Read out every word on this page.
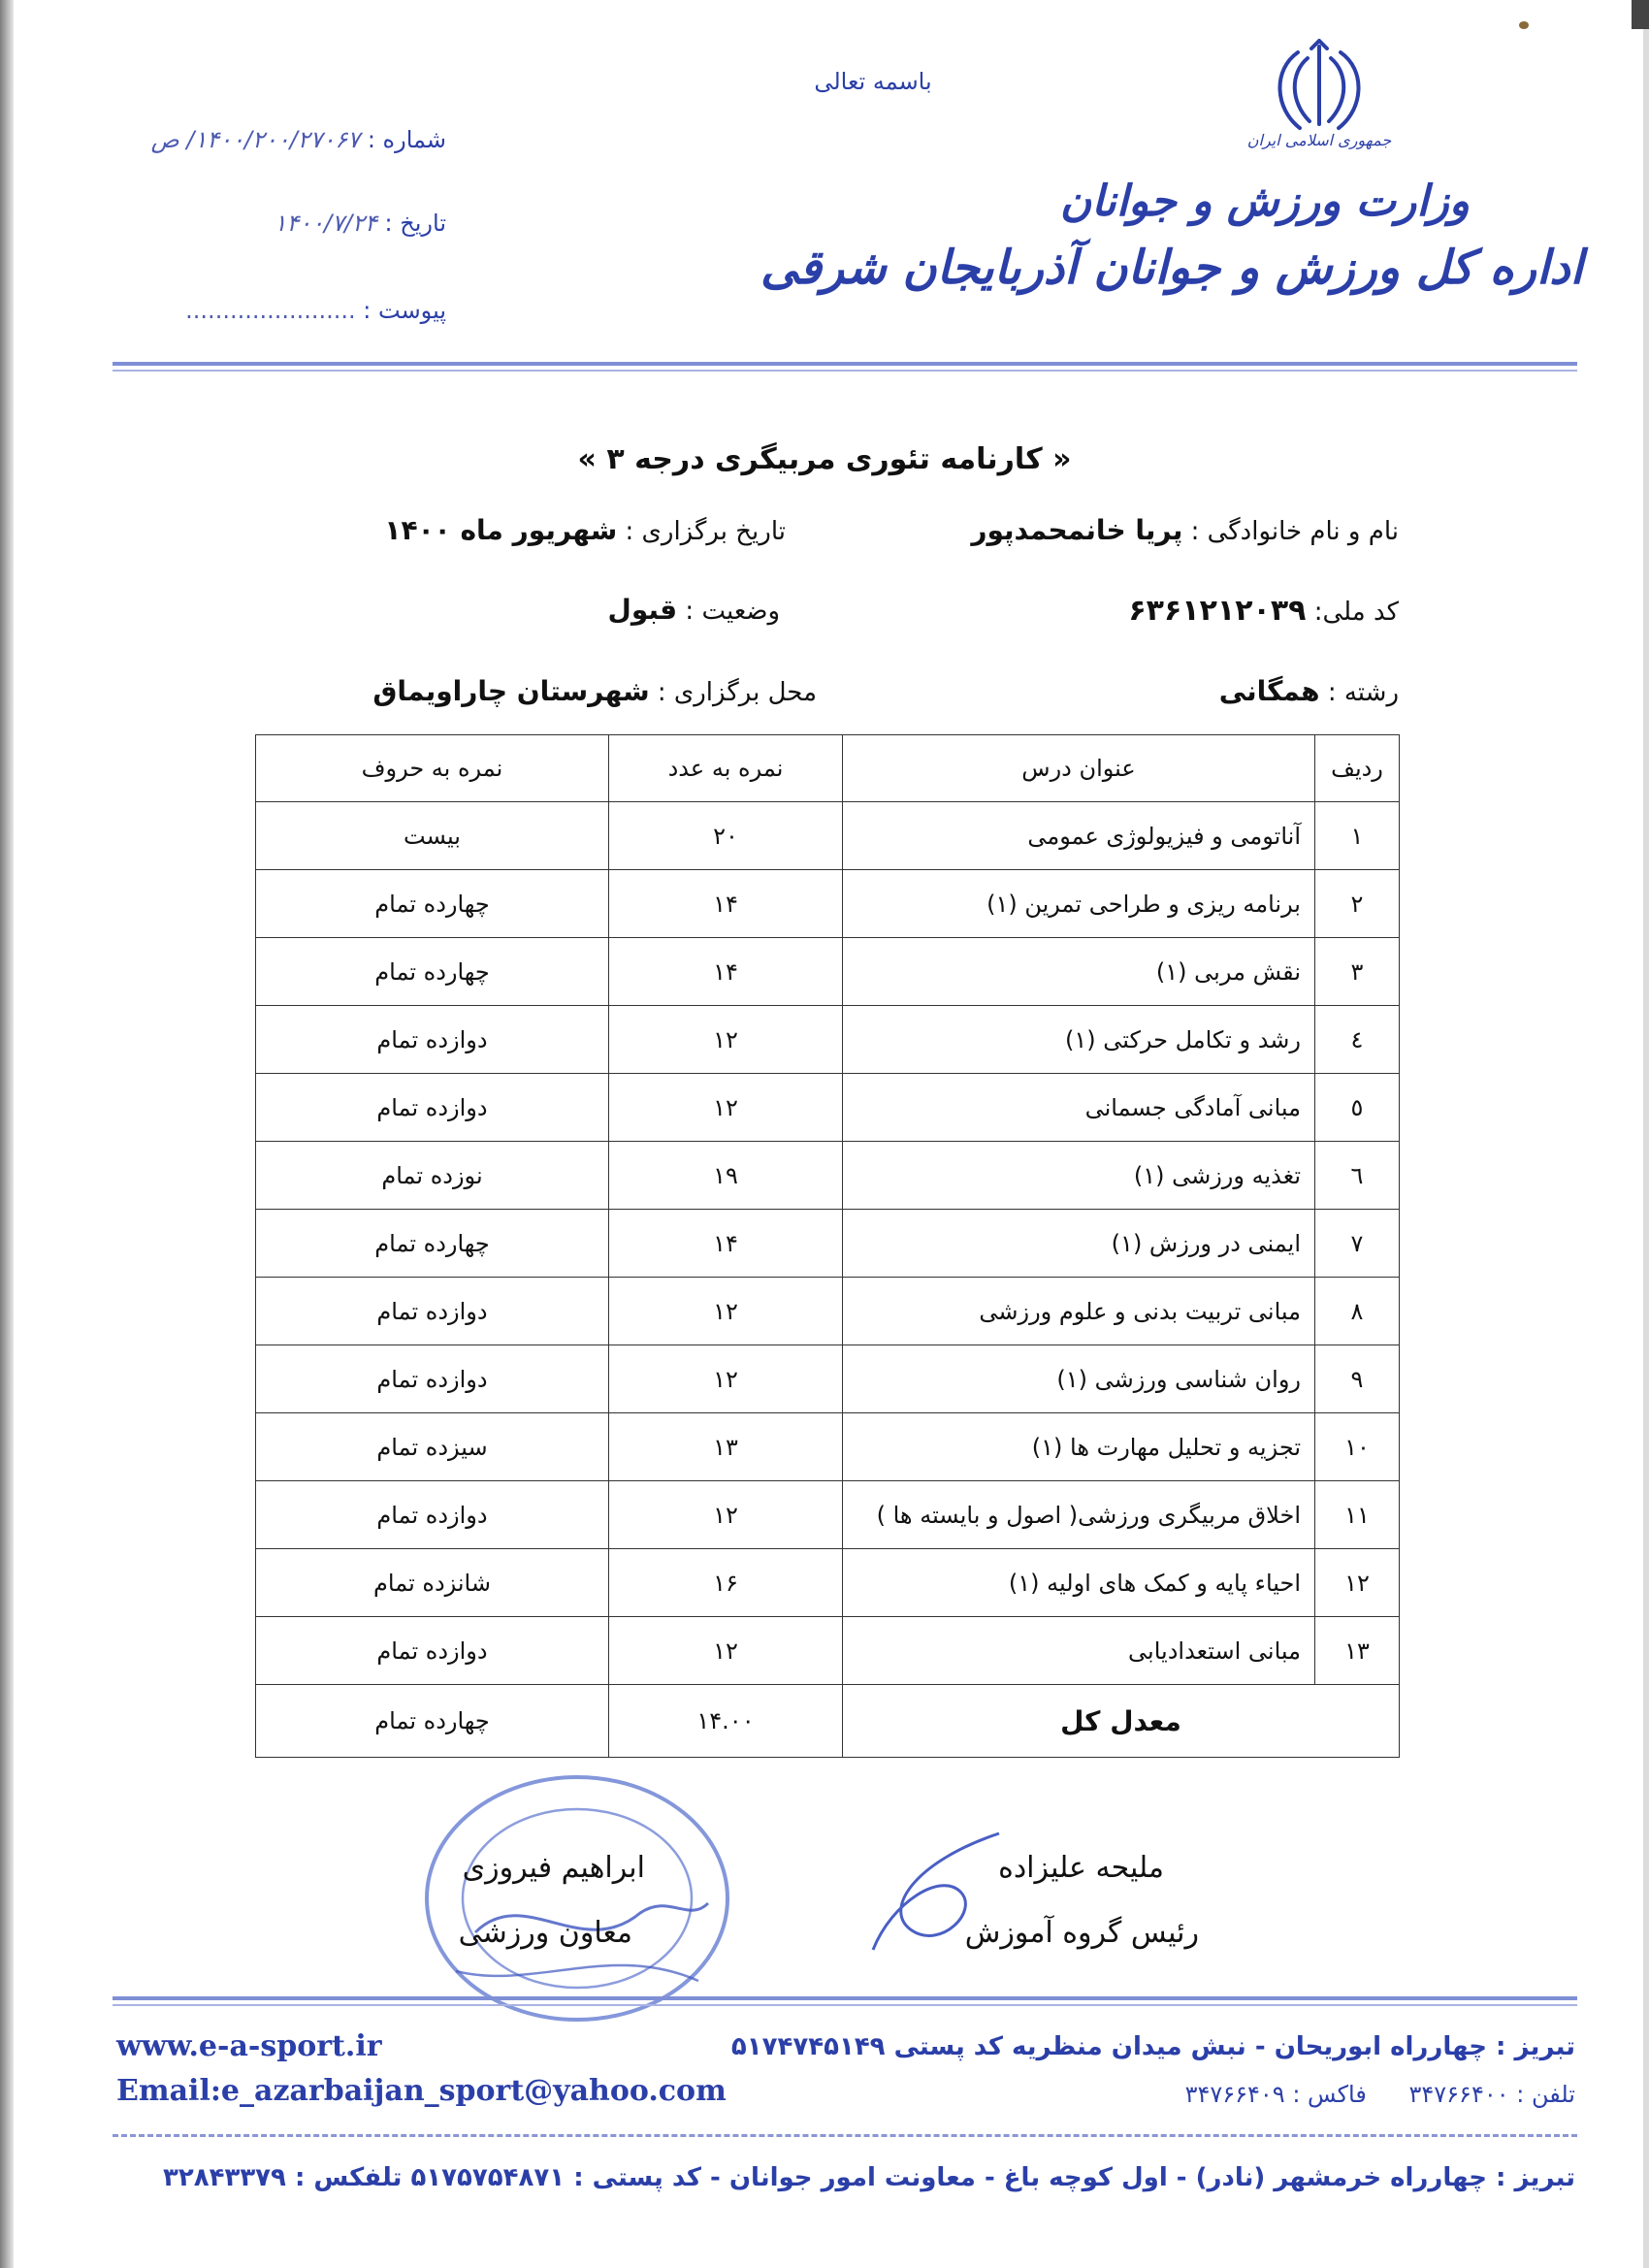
باسمه تعالی
جمهوری اسلامی ایران
وزارت ورزش و جوانان
اداره کل ورزش و جوانان آذربایجان شرقی
شماره : ۱۴۰۰/۲۰۰/۲۷۰۶۷/ ص
تاریخ : ۱۴۰۰/۷/۲۴
پیوست : .......................
« کارنامه تئوری مربیگری درجه ۳ »
نام و نام خانوادگی : پریا خانمحمدپور
تاریخ برگزاری : شهریور ماه ۱۴۰۰
کد ملی: ۶۳۶۱۲۱۲۰۳۹
وضعیت : قبول
رشته : همگانی
محل برگزاری : شهرستان چاراویماق
ردیف	عنوان درس	نمره به عدد	نمره به حروف
۱	آناتومی و فیزیولوژی عمومی	۲۰	بیست
۲	برنامه ریزی و طراحی تمرین (۱)	۱۴	چهارده تمام
۳	نقش مربی (۱)	۱۴	چهارده تمام
٤	رشد و تکامل حرکتی (۱)	۱۲	دوازده تمام
٥	مبانی آمادگی جسمانی	۱۲	دوازده تمام
٦	تغذیه ورزشی (۱)	۱۹	نوزده تمام
۷	ایمنی در ورزش (۱)	۱۴	چهارده تمام
۸	مبانی تربیت بدنی و علوم ورزشی	۱۲	دوازده تمام
۹	روان شناسی ورزشی (۱)	۱۲	دوازده تمام
۱۰	تجزیه و تحلیل مهارت ها (۱)	۱۳	سیزده تمام
۱۱	اخلاق مربیگری ورزشی( اصول و بایسته ها )	۱۲	دوازده تمام
۱۲	احیاء پایه و کمک های اولیه (۱)	۱۶	شانزده تمام
۱۳	مبانی استعدادیابی	۱۲	دوازده تمام
معدل کل		۱۴.۰۰	چهارده تمام
ابراهیم فیروزی
معاون ورزشی
ملیحه علیزاده
رئیس گروه آموزش
www.e-a-sport.ir
Email:e_azarbaijan_sport@yahoo.com
تبریز : چهارراه ابوریحان - نبش میدان منظریه کد پستی ۵۱۷۴۷۴۵۱۴۹
تلفن : ۳۴۷۶۶۴۰۰ فاکس : ۳۴۷۶۶۴۰۹
تبریز : چهارراه خرمشهر (نادر) - اول کوچه باغ - معاونت امور جوانان - کد پستی : ۵۱۷۵۷۵۴۸۷۱ تلفکس : ۳۲۸۴۳۳۷۹
